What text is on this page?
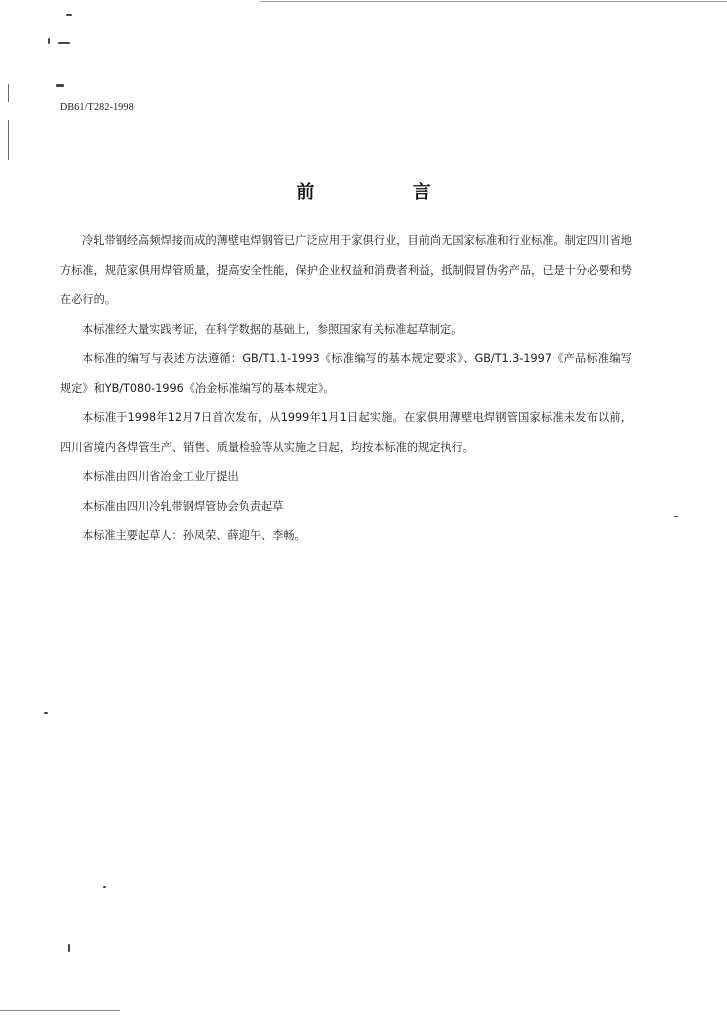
DB61/T282-1998
前 言

冷轧带钢经高频焊接而成的薄壁电焊钢管已广泛应用于家俱行业，目前尚无国家标准和行业标准。制定四川省地方标准，规范家俱用焊管质量，提高安全性能，保护企业权益和消费者利益，抵制假冒伪劣产品，已是十分必要和势在必行的。

本标准经大量实践考证，在科学数据的基础上，参照国家有关标准起草制定。

本标准的编写与表述方法遵循：GB/T1.1-1993《标准编写的基本规定要求》、GB/T1.3-1997《产品标准编写规定》和YB/T080-1996《冶金标准编写的基本规定》。

本标准于1998年12月7日首次发布，从1999年1月1日起实施。在家俱用薄壁电焊钢管国家标准未发布以前，四川省境内各焊管生产、销售、质量检验等从实施之日起，均按本标准的规定执行。

本标准由四川省冶金工业厅提出

本标准由四川冷轧带钢焊管协会负责起草

本标准主要起草人：孙凤荣、薛迎午、李畅。
